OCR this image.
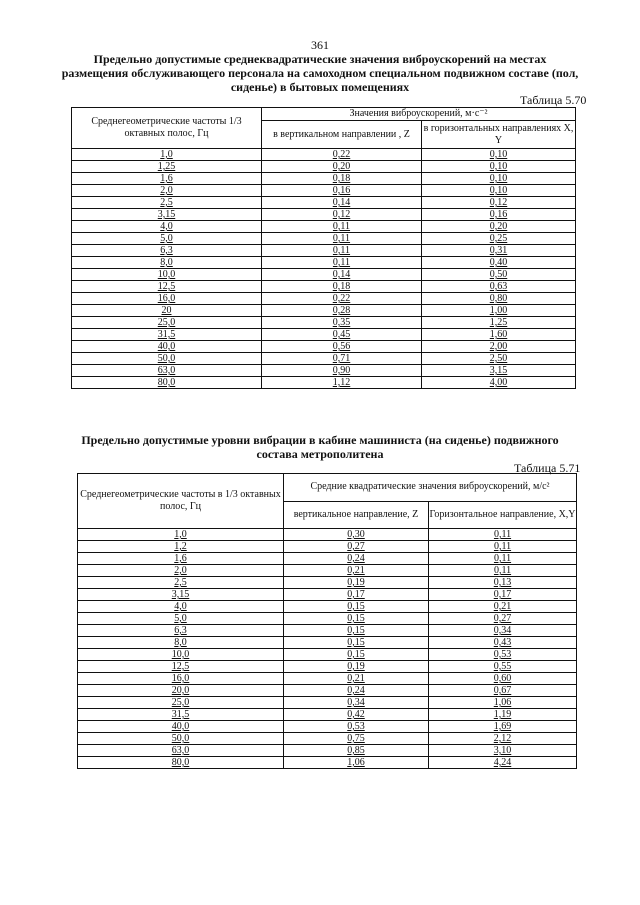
361
Предельно допустимые среднеквадратические значения виброускорений на местах размещения обслуживающего персонала на самоходном специальном подвижном составе (пол, сиденье) в бытовых помещениях
Таблица 5.70
Среднегеометрические частоты 1/3 октавных полос, Гц	Значения виброускорений, м·с⁻²	
	в вертикальном направлении , Z	в горизонтальных направлениях X, Y
1,0	0,22	0,10
1,25	0,20	0,10
1,6	0,18	0,10
2,0	0,16	0,10
2,5	0,14	0,12
3,15	0,12	0,16
4,0	0,11	0,20
5,0	0,11	0,25
6,3	0,11	0,31
8,0	0,11	0,40
10,0	0,14	0,50
12,5	0,18	0,63
16,0	0,22	0,80
20	0,28	1,00
25,0	0,35	1,25
31,5	0,45	1,60
40,0	0,56	2,00
50,0	0,71	2,50
63,0	0,90	3,15
80,0	1,12	4,00
Предельно допустимые уровни вибрации в кабине машиниста (на сиденье) подвижного состава метрополитена
Таблица 5.71
Среднегеометрические частоты в 1/3 октавных полос, Гц	Средние квадратические значения виброускорений, м/с²	
	вертикальное направление, Z	Горизонтальное направление, X,Y
1,0	0,30	0,11
1,2	0,27	0,11
1,6	0,24	0,11
2,0	0,21	0,11
2,5	0,19	0,13
3,15	0,17	0,17
4,0	0,15	0,21
5,0	0,15	0,27
6,3	0,15	0,34
8,0	0,15	0,43
10,0	0,15	0,53
12,5	0,19	0,55
16,0	0,21	0,60
20,0	0,24	0,67
25,0	0,34	1,06
31,5	0,42	1,19
40,0	0,53	1,69
50,0	0,75	2,12
63,0	0,85	3,10
80,0	1,06	4,24
